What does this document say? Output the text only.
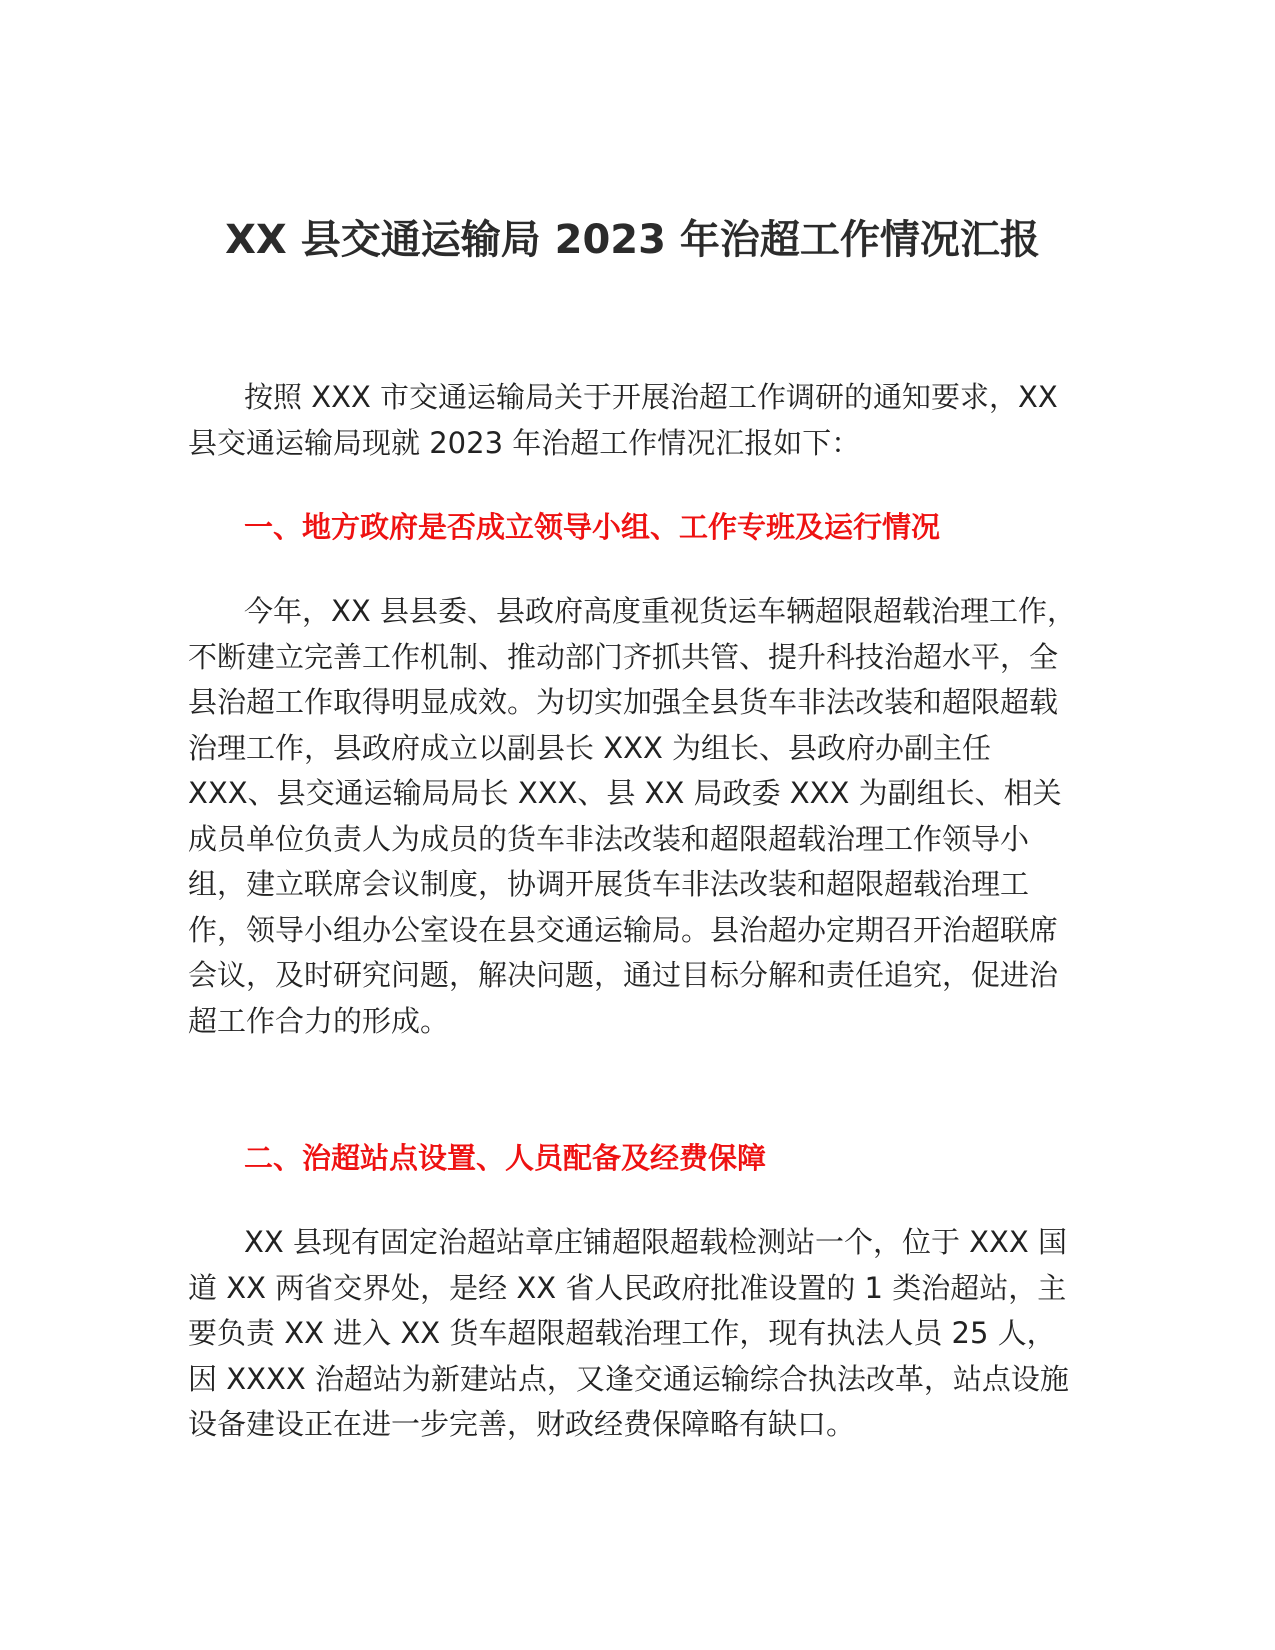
XX 县交通运输局 2023 年治超工作情况汇报

按照 XXX 市交通运输局关于开展治超工作调研的通知要求，XX 县交通运输局现就 2023 年治超工作情况汇报如下：

一、地方政府是否成立领导小组、工作专班及运行情况

今年，XX 县县委、县政府高度重视货运车辆超限超载治理工作，不断建立完善工作机制、推动部门齐抓共管、提升科技治超水平，全县治超工作取得明显成效。为切实加强全县货车非法改装和超限超载治理工作，县政府成立以副县长 XXX 为组长、县政府办副主任 XXX、县交通运输局局长 XXX、县 XX 局政委 XXX 为副组长、相关成员单位负责人为成员的货车非法改装和超限超载治理工作领导小组，建立联席会议制度，协调开展货车非法改装和超限超载治理工作，领导小组办公室设在县交通运输局。县治超办定期召开治超联席会议，及时研究问题，解决问题，通过目标分解和责任追究，促进治超工作合力的形成。

二、治超站点设置、人员配备及经费保障

XX 县现有固定治超站章庄铺超限超载检测站一个，位于 XXX 国道 XX 两省交界处，是经 XX 省人民政府批准设置的 1 类治超站，主要负责 XX 进入 XX 货车超限超载治理工作，现有执法人员 25 人，因 XXXX 治超站为新建站点，又逢交通运输综合执法改革，站点设施设备建设正在进一步完善，财政经费保障略有缺口。
